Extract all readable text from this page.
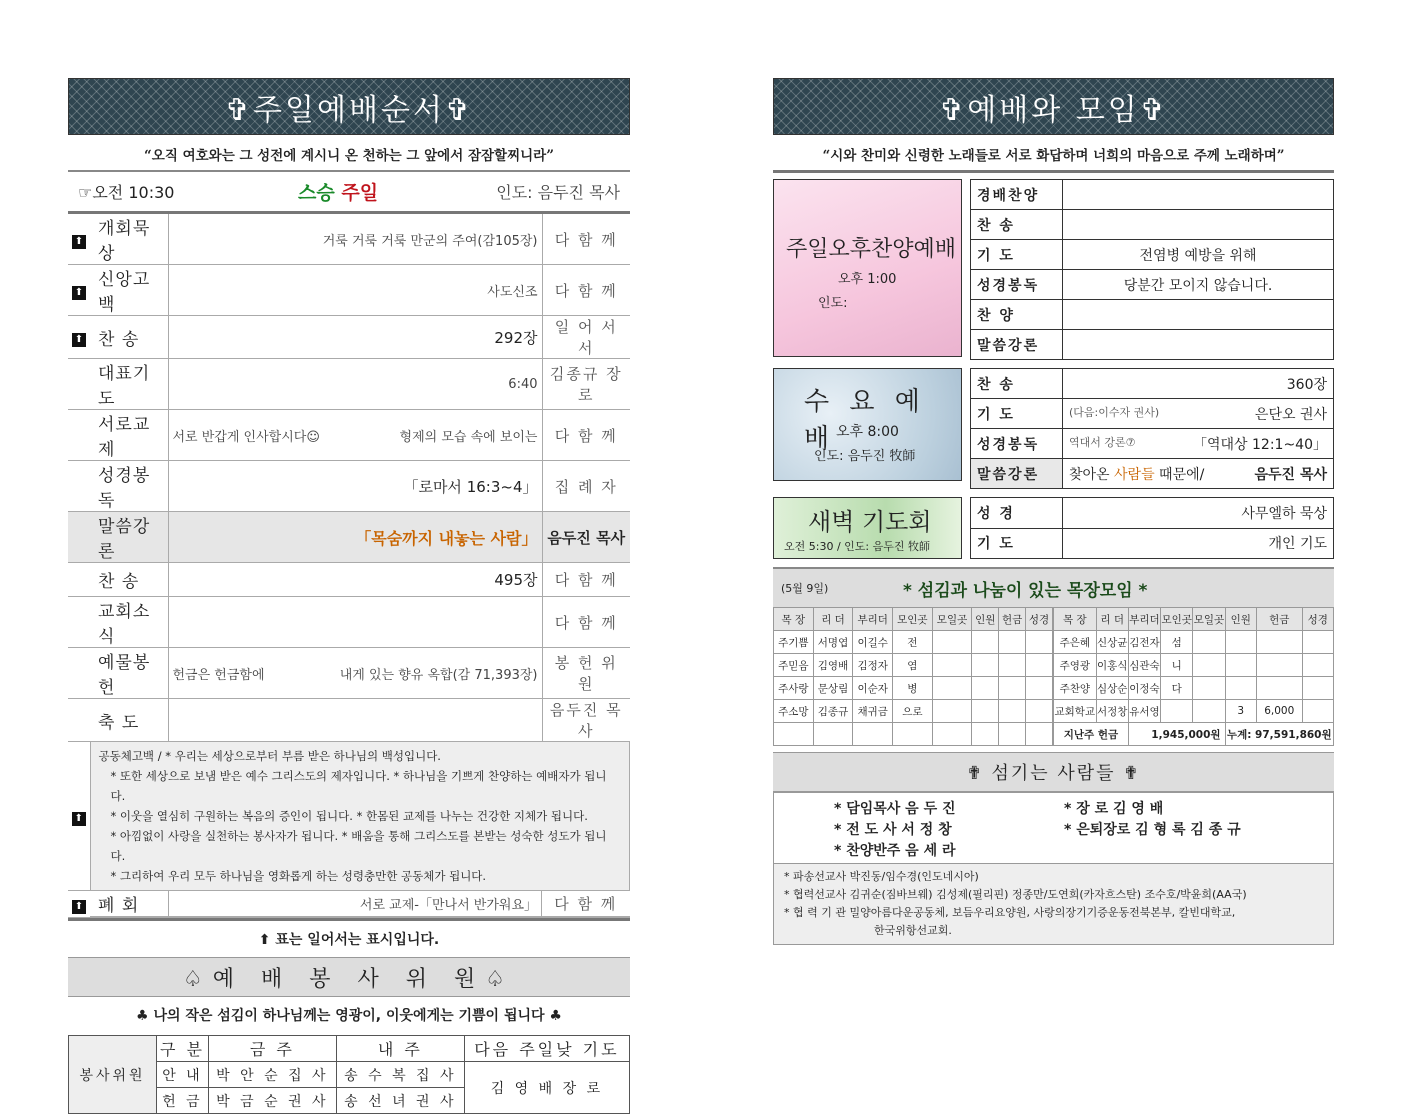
✞주일예배순서✞
“오직 여호와는 그 성전에 계시니 온 천하는 그 앞에서 잠잠할찌니라”
☞오전 10:30	스승 주일	인도: 음두진 목사
⬆	개회묵상	거룩 거룩 거룩 만군의 주여(감105장)	다 함 께
⬆	신앙고백	사도신조	다 함 께
⬆	찬 송	292장	일 어 서 서
	대표기도	6:40	김종규 장로
	서로교제	서로 반갑게 인사합시다☺ 형제의 모습 속에 보이는	다 함 께
	성경봉독	「로마서 16:3~4」	집 례 자
	말씀강론	「목숨까지 내놓는 사람」	음두진 목사
	찬 송	495장	다 함 께
	교회소식		다 함 께
	예물봉헌	헌금은 헌금함에 내게 있는 향유 옥합(감 71,393장)	봉 헌 위 원
	축 도		음두진 목사
⬆	
공동체고백 / * 우리는 세상으로부터 부름 받은 하나님의 백성입니다.
* 또한 세상으로 보냄 받은 예수 그리스도의 제자입니다. * 하나님을 기쁘게 찬양하는 예배자가 됩니다.
* 이웃을 열심히 구원하는 복음의 증인이 됩니다. * 한몸된 교제를 나누는 건강한 지체가 됩니다.
* 아낌없이 사랑을 실천하는 봉사자가 됩니다. * 배움을 통해 그리스도를 본받는 성숙한 성도가 됩니다.
* 그리하여 우리 모두 하나님을 영화롭게 하는 성령충만한 공동체가 됩니다.

⬆	폐 회	서로 교제-「만나서 반가워요」	다 함 께
⬆ 표는 일어서는 표시입니다.
♤예 배 봉 사 위 원♤
♣ 나의 작은 섬김이 하나님께는 영광이, 이웃에게는 기쁨이 됩니다 ♣
봉사위원	구 분	금 주	내 주	다음 주일낮 기도
	안 내	박 안 순 집 사	송 수 복 집 사	김 영 배 장 로
	헌 금	박 금 순 권 사	송 선 녀 권 사	
✞예배와 모임✞
“시와 찬미와 신령한 노래들로 서로 화답하며 너희의 마음으로 주께 노래하며”
주일오후찬양예배
오후 1:00
인도:
경배찬양	
찬 송	
기 도	전염병 예방을 위해
성경봉독	당분간 모이지 않습니다.
찬 양	
말씀강론	
수 요 예 배 오후 8:00
인도: 음두진 牧師
찬 송	360장

기 도	(다음:이수자 권사) 은단오 권사

성경봉독	역대서 강론⑦ 「역대상 12:1~40」

말씀강론	찾아온 사람들 때문에/ 음두진 목사
새벽 기도회
오전 5:30 / 인도: 음두진 牧師
성 경	사무엘하 묵상
기 도	개인 기도
(5월 9일)	* 섬김과 나눔이 있는 목장모임 *
목 장	리 더	부리더	모인곳	모일곳	인원	헌금	성경
주기쁨	서명엽	이길수	전				
주믿음	김영배	김정자	염				
주사랑	문상림	이순자	병				
주소망	김종규	채귀금	으로				

목 장	리 더	부리더	모인곳	모일곳	인원	헌금	성경
주은혜	신상균	김전자	섬				
주영광	이홍식	심관숙	니				
주찬양	심상순	이정숙	다				
교회학교	서정창	유서영			3	6,000	
지난주 헌금		1,945,000원			누계: 97,591,860원		
✟ 섬기는 사람들 ✟
* 담임목사 음 두 진
* 전 도 사 서 정 창
* 찬양반주 음 세 라
* 장 로 김 영 배
* 은퇴장로 김 형 록 김 종 규
* 파송선교사 박진동/임수경(인도네시아)
* 협력선교사 김귀순(짐바브웨) 김성제(필리핀) 정종만/도연희(카자흐스탄) 조수호/박윤희(AA국)
* 협 력 기 관 밀양아름다운공동체, 보듬우리요양원, 사랑의장기기증운동전북본부, 칼빈대학교,
한국위항선교회.
